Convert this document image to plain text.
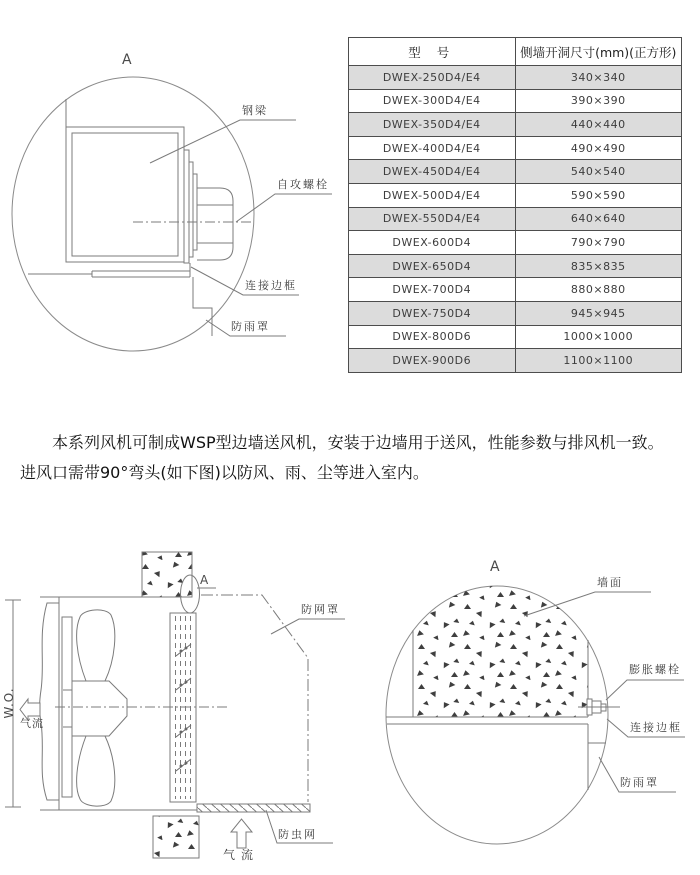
型 号	侧墙开洞尺寸(mm)(正方形)
DWEX-250D4/E4	340×340
DWEX-300D4/E4	390×390
DWEX-350D4/E4	440×440
DWEX-400D4/E4	490×490
DWEX-450D4/E4	540×540
DWEX-500D4/E4	590×590
DWEX-550D4/E4	640×640
DWEX-600D4	790×790
DWEX-650D4	835×835
DWEX-700D4	880×880
DWEX-750D4	945×945
DWEX-800D6	1000×1000
DWEX-900D6	1100×1100
本系列风机可制成WSP型边墙送风机，安装于边墙用于送风，性能参数与排风机一致。
进风口需带90°弯头(如下图)以防风、雨、尘等进入室内。
A
钢梁
自攻螺栓
连接边框
防雨罩
W.O.
气流
A
防网罩
气流
防虫网
A
墙面
膨胀螺栓
连接边框
防雨罩
